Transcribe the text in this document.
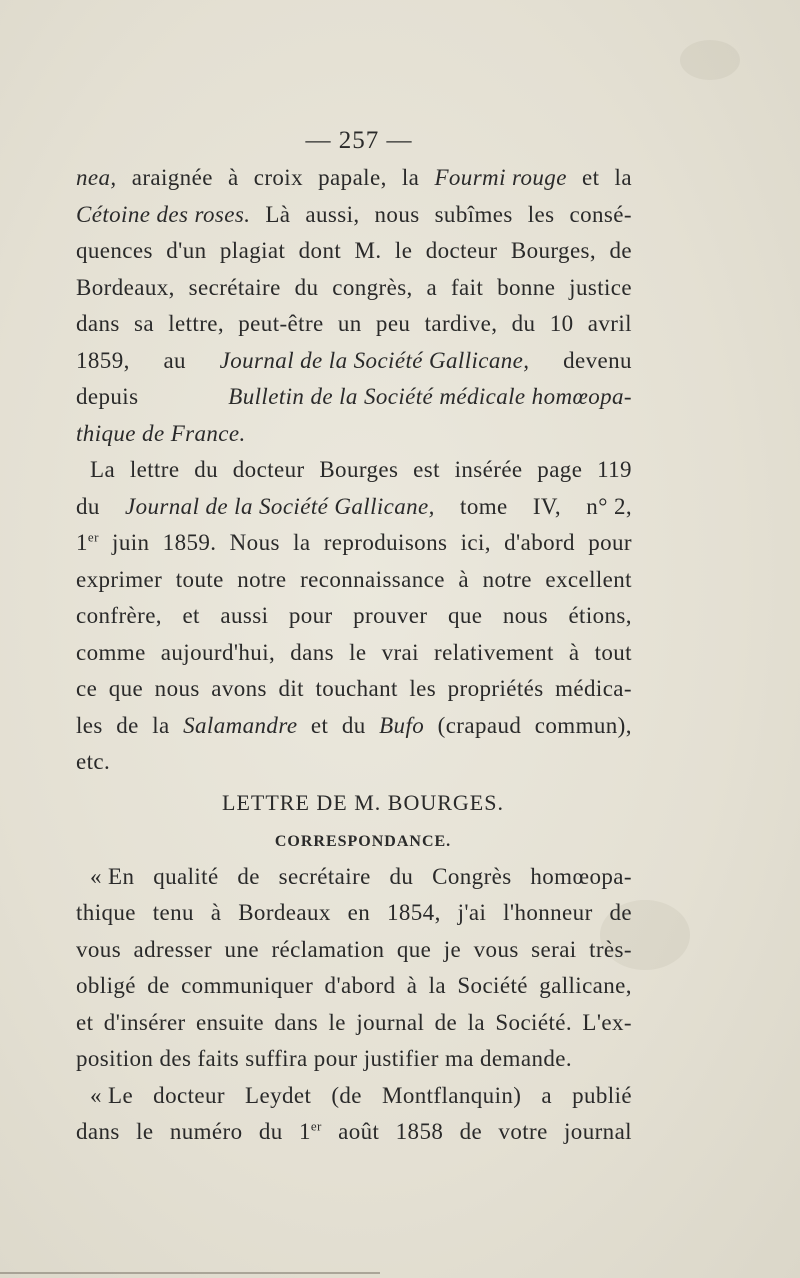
— 257 —
nea, araignée à croix papale, la Fourmi rouge et la
Cétoine des roses. Là aussi, nous subîmes les consé-
quences d'un plagiat dont M. le docteur Bourges, de
Bordeaux, secrétaire du congrès, a fait bonne justice
dans sa lettre, peut-être un peu tardive, du 10 avril
1859, au Journal de la Société Gallicane, devenu
depuis	Bulletin de la Société médicale homœopa-
thique de France.
La lettre du docteur Bourges est insérée page 119
du Journal de la Société Gallicane, tome IV, n° 2,
1er juin 1859. Nous la reproduisons ici, d'abord pour
exprimer toute notre reconnaissance à notre excellent
confrère, et aussi pour prouver que nous étions,
comme aujourd'hui, dans le vrai relativement à tout
ce que nous avons dit touchant les propriétés médica-
les de la Salamandre et du Bufo (crapaud commun),
etc.
LETTRE DE M. BOURGES.
CORRESPONDANCE.
« En qualité de secrétaire du Congrès homœopa-
thique tenu à Bordeaux en 1854, j'ai l'honneur de
vous adresser une réclamation que je vous serai très-
obligé de communiquer d'abord à la Société gallicane,
et d'insérer ensuite dans le journal de la Société. L'ex-
position des faits suffira pour justifier ma demande.
« Le docteur Leydet (de Montflanquin) a publié
dans le numéro du 1er août 1858 de votre journal
